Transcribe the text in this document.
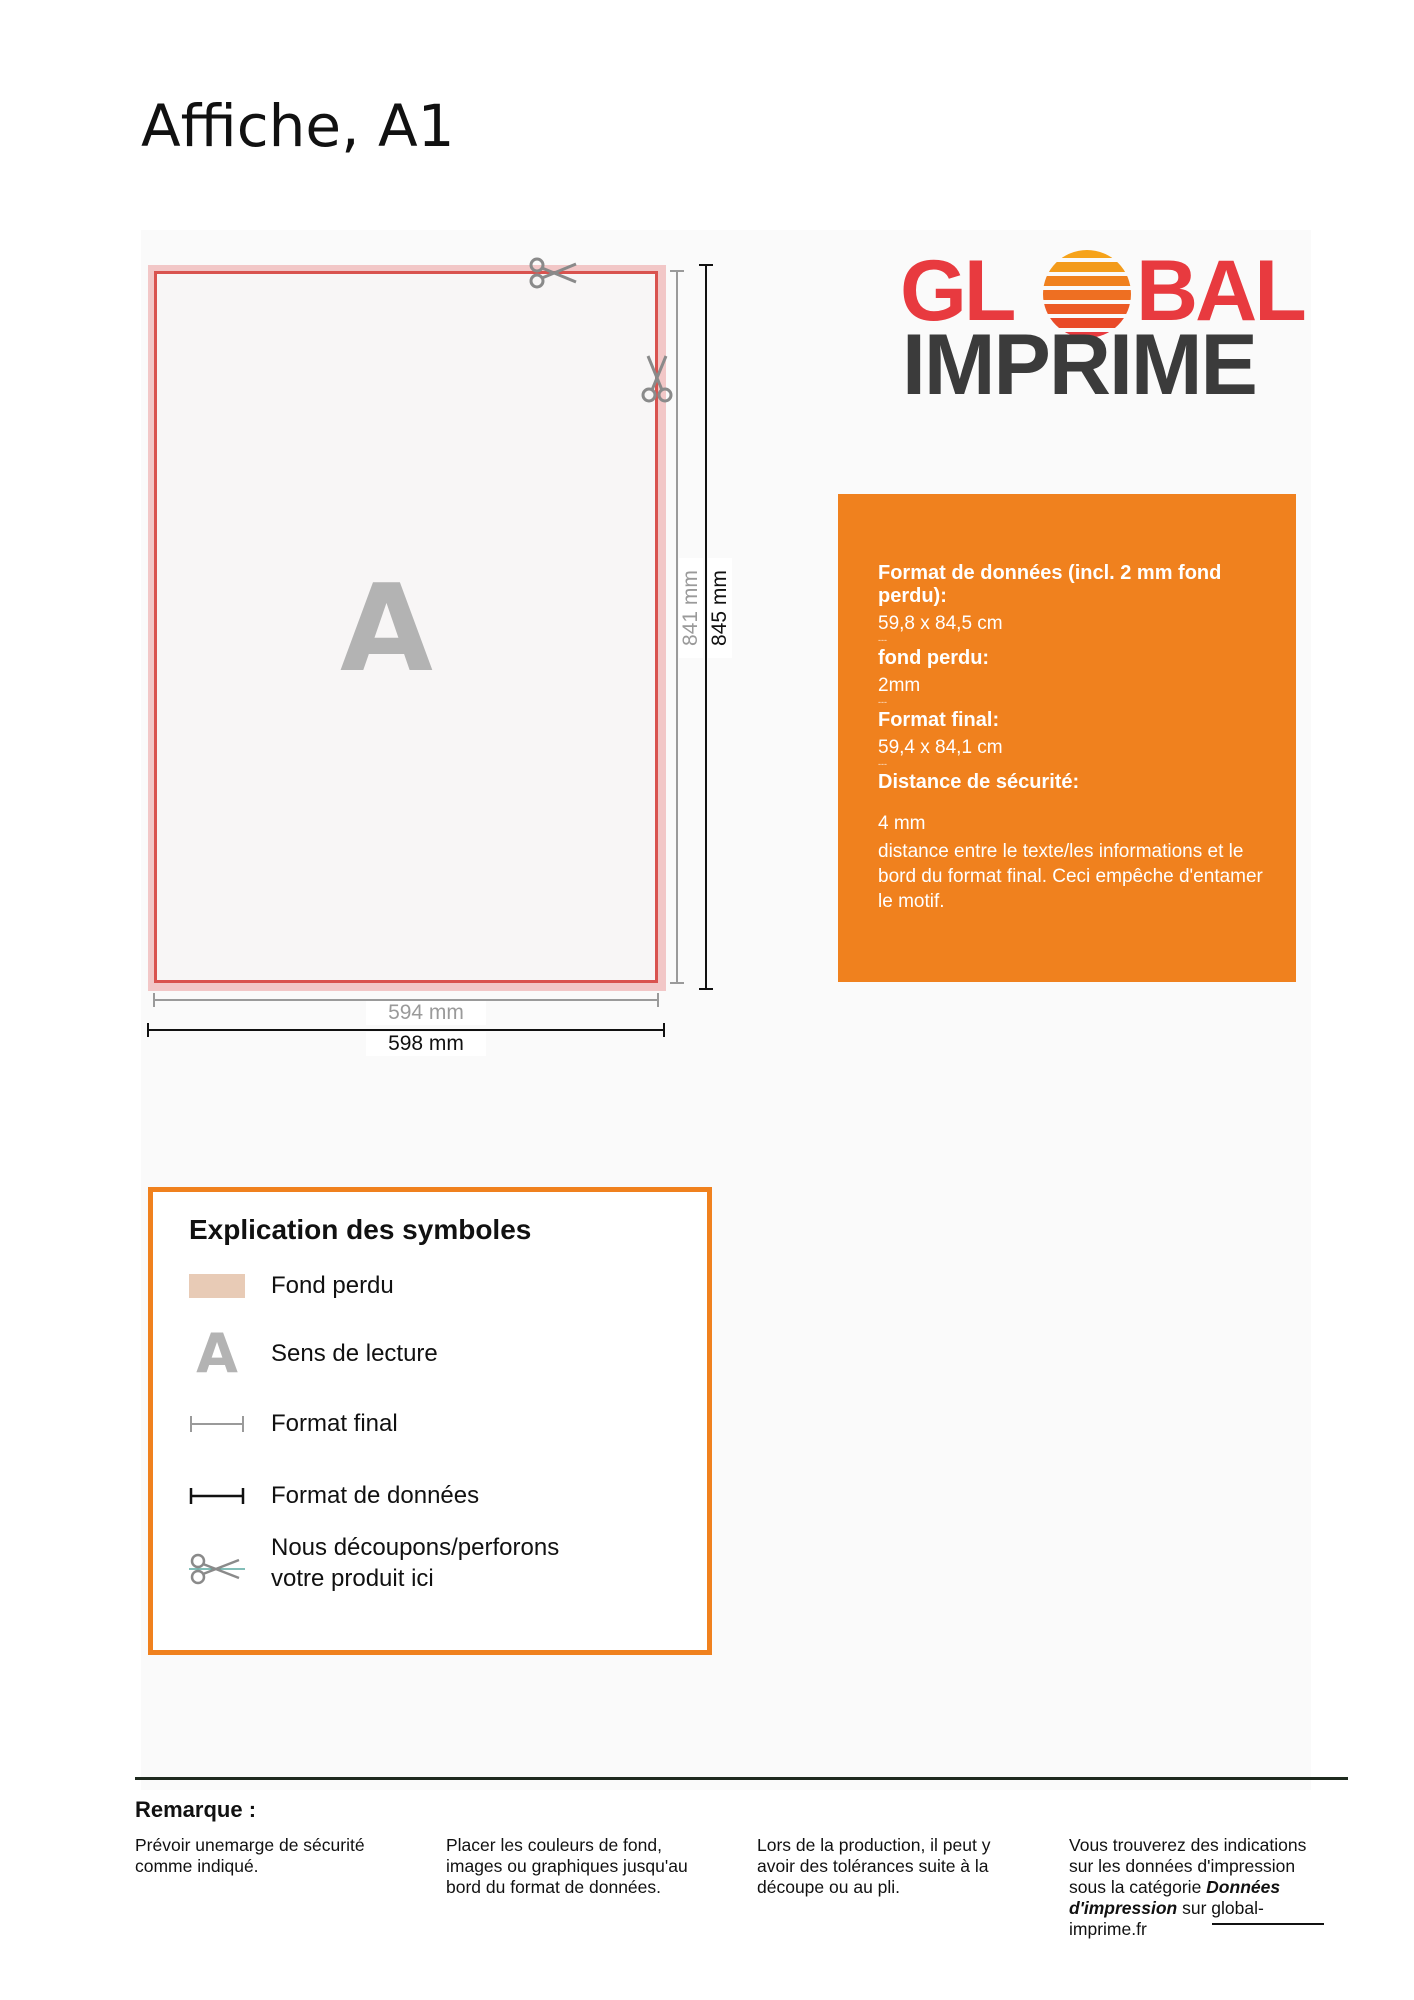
Affiche, A1
A	841 mm 845 mm
594 mm
598 mm
GL BAL
IMPRIME
Format de données (incl. 2 mm fond perdu):
59,8 x 84,5 cm
---
fond perdu:
2mm
---
Format final:
59,4 x 84,1 cm
---
Distance de sécurité:
4 mm
distance entre le texte/les informations et le bord du format final. Ceci empêche d'entamer le motif.
Explication des symboles
Fond perdu
A Sens de lecture
Format final
Format de données
Nous découpons/perforons votre produit ici
Remarque :
Prévoir unemarge de sécurité comme indiqué.
Placer les couleurs de fond, images ou graphiques jusqu'au bord du format de données.
Lors de la production, il peut y avoir des tolérances suite à la découpe ou au pli.
Vous trouverez des indications sur les données d'impression sous la catégorie Données d'impression sur global-imprime.fr
